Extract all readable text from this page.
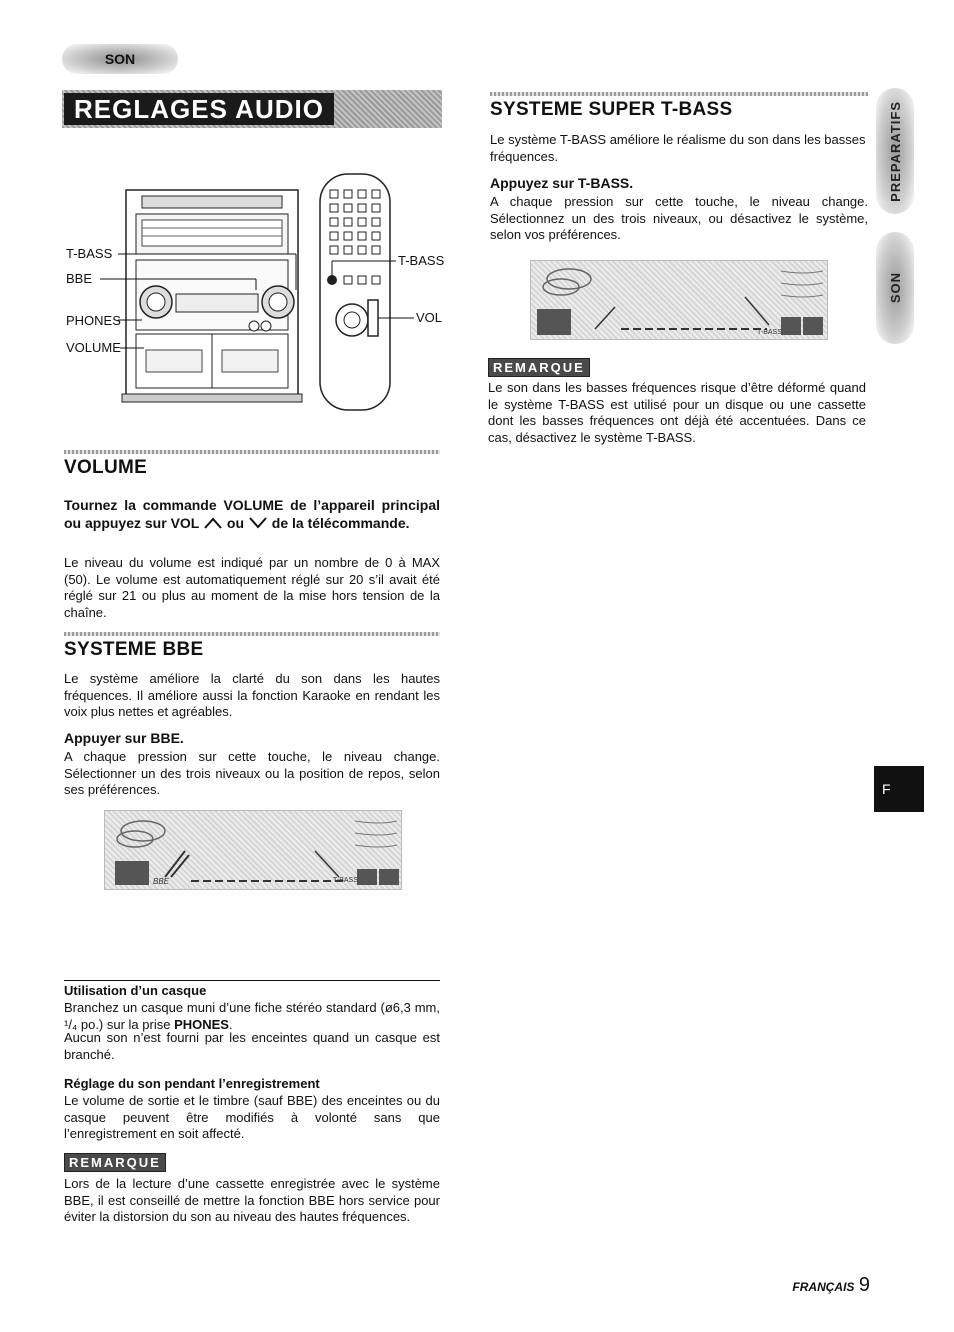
SON
REGLAGES AUDIO
T-BASS
BBE
PHONES
VOLUME
T-BASS
VOL
VOLUME
Tournez la commande VOLUME de l’appareil principal ou appuyez sur VOL ou de la télécommande.

Le niveau du volume est indiqué par un nombre de 0 à MAX (50). Le volume est automatiquement réglé sur 20 s’il avait été réglé sur 21 ou plus au moment de la mise hors tension de la chaîne.

SYSTEME BBE

Le système améliore la clarté du son dans les hautes fréquences. Il améliore aussi la fonction Karaoke en rendant les voix plus nettes et agréables.

Appuyer sur BBE.

A chaque pression sur cette touche, le niveau change. Sélectionner un des trois niveaux ou la position de repos, selon ses préférences.

BBE	T-BASS
Utilisation d’un casque

Branchez un casque muni d’une fiche stéréo standard (ø6,3 mm, ¹/₄ po.) sur la prise PHONES.

Aucun son n’est fourni par les enceintes quand un casque est branché.

Réglage du son pendant l’enregistrement

Le volume de sortie et le timbre (sauf BBE) des enceintes ou du casque peuvent être modifiés à volonté sans que l’enregistrement en soit affecté.

REMARQUE

Lors de la lecture d’une cassette enregistrée avec le système BBE, il est conseillé de mettre la fonction BBE hors service pour éviter la distorsion du son au niveau des hautes fréquences.

SYSTEME SUPER T-BASS

Le système T-BASS améliore le réalisme du son dans les basses fréquences.

Appuyez sur T-BASS.

A chaque pression sur cette touche, le niveau change. Sélectionnez un des trois niveaux, ou désactivez le système, selon vos préférences.

T-BASS
REMARQUE

Le son dans les basses fréquences risque d’être déformé quand le système T-BASS est utilisé pour un disque ou une cassette dont les basses fréquences ont déjà été accentuées. Dans ce cas, désactivez le système T-BASS.

PREPARATIFS
SON
F
FRANÇAIS 9
